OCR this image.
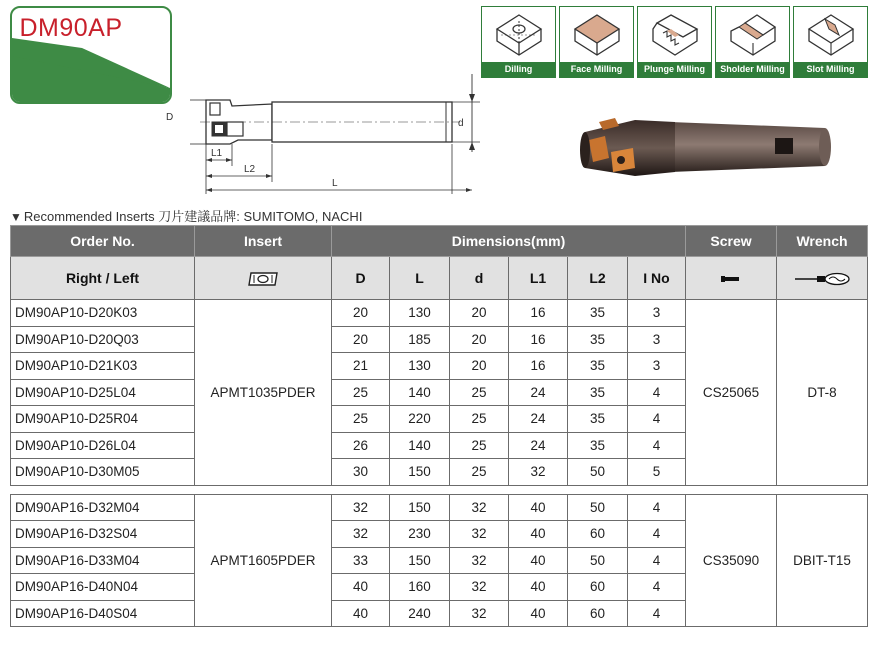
DM90AP
Dilling	Face Milling	Plunge Milling	Sholder Milling	Slot Milling
D
d
L1
L2
L
▼ Recommended Inserts 刀片建議品牌: SUMITOMO, NACHI
Order No.	Insert	Dimensions(mm)						Screw	Wrench
Right / Left		D	L	d	L1	L2	I No		
DM90AP10-D20K03	APMT1035PDER	20	130	20	16	35	3	CS25065	DT-8
DM90AP10-D20Q03		20	185	20	16	35	3		
DM90AP10-D21K03		21	130	20	16	35	3		
DM90AP10-D25L04		25	140	25	24	35	4		
DM90AP10-D25R04		25	220	25	24	35	4		
DM90AP10-D26L04		26	140	25	24	35	4		
DM90AP10-D30M05		30	150	25	32	50	5		

DM90AP16-D32M04	APMT1605PDER	32	150	32	40	50	4	CS35090	DBIT-T15
DM90AP16-D32S04		32	230	32	40	60	4		
DM90AP16-D33M04		33	150	32	40	50	4		
DM90AP16-D40N04		40	160	32	40	60	4		
DM90AP16-D40S04		40	240	32	40	60	4		
